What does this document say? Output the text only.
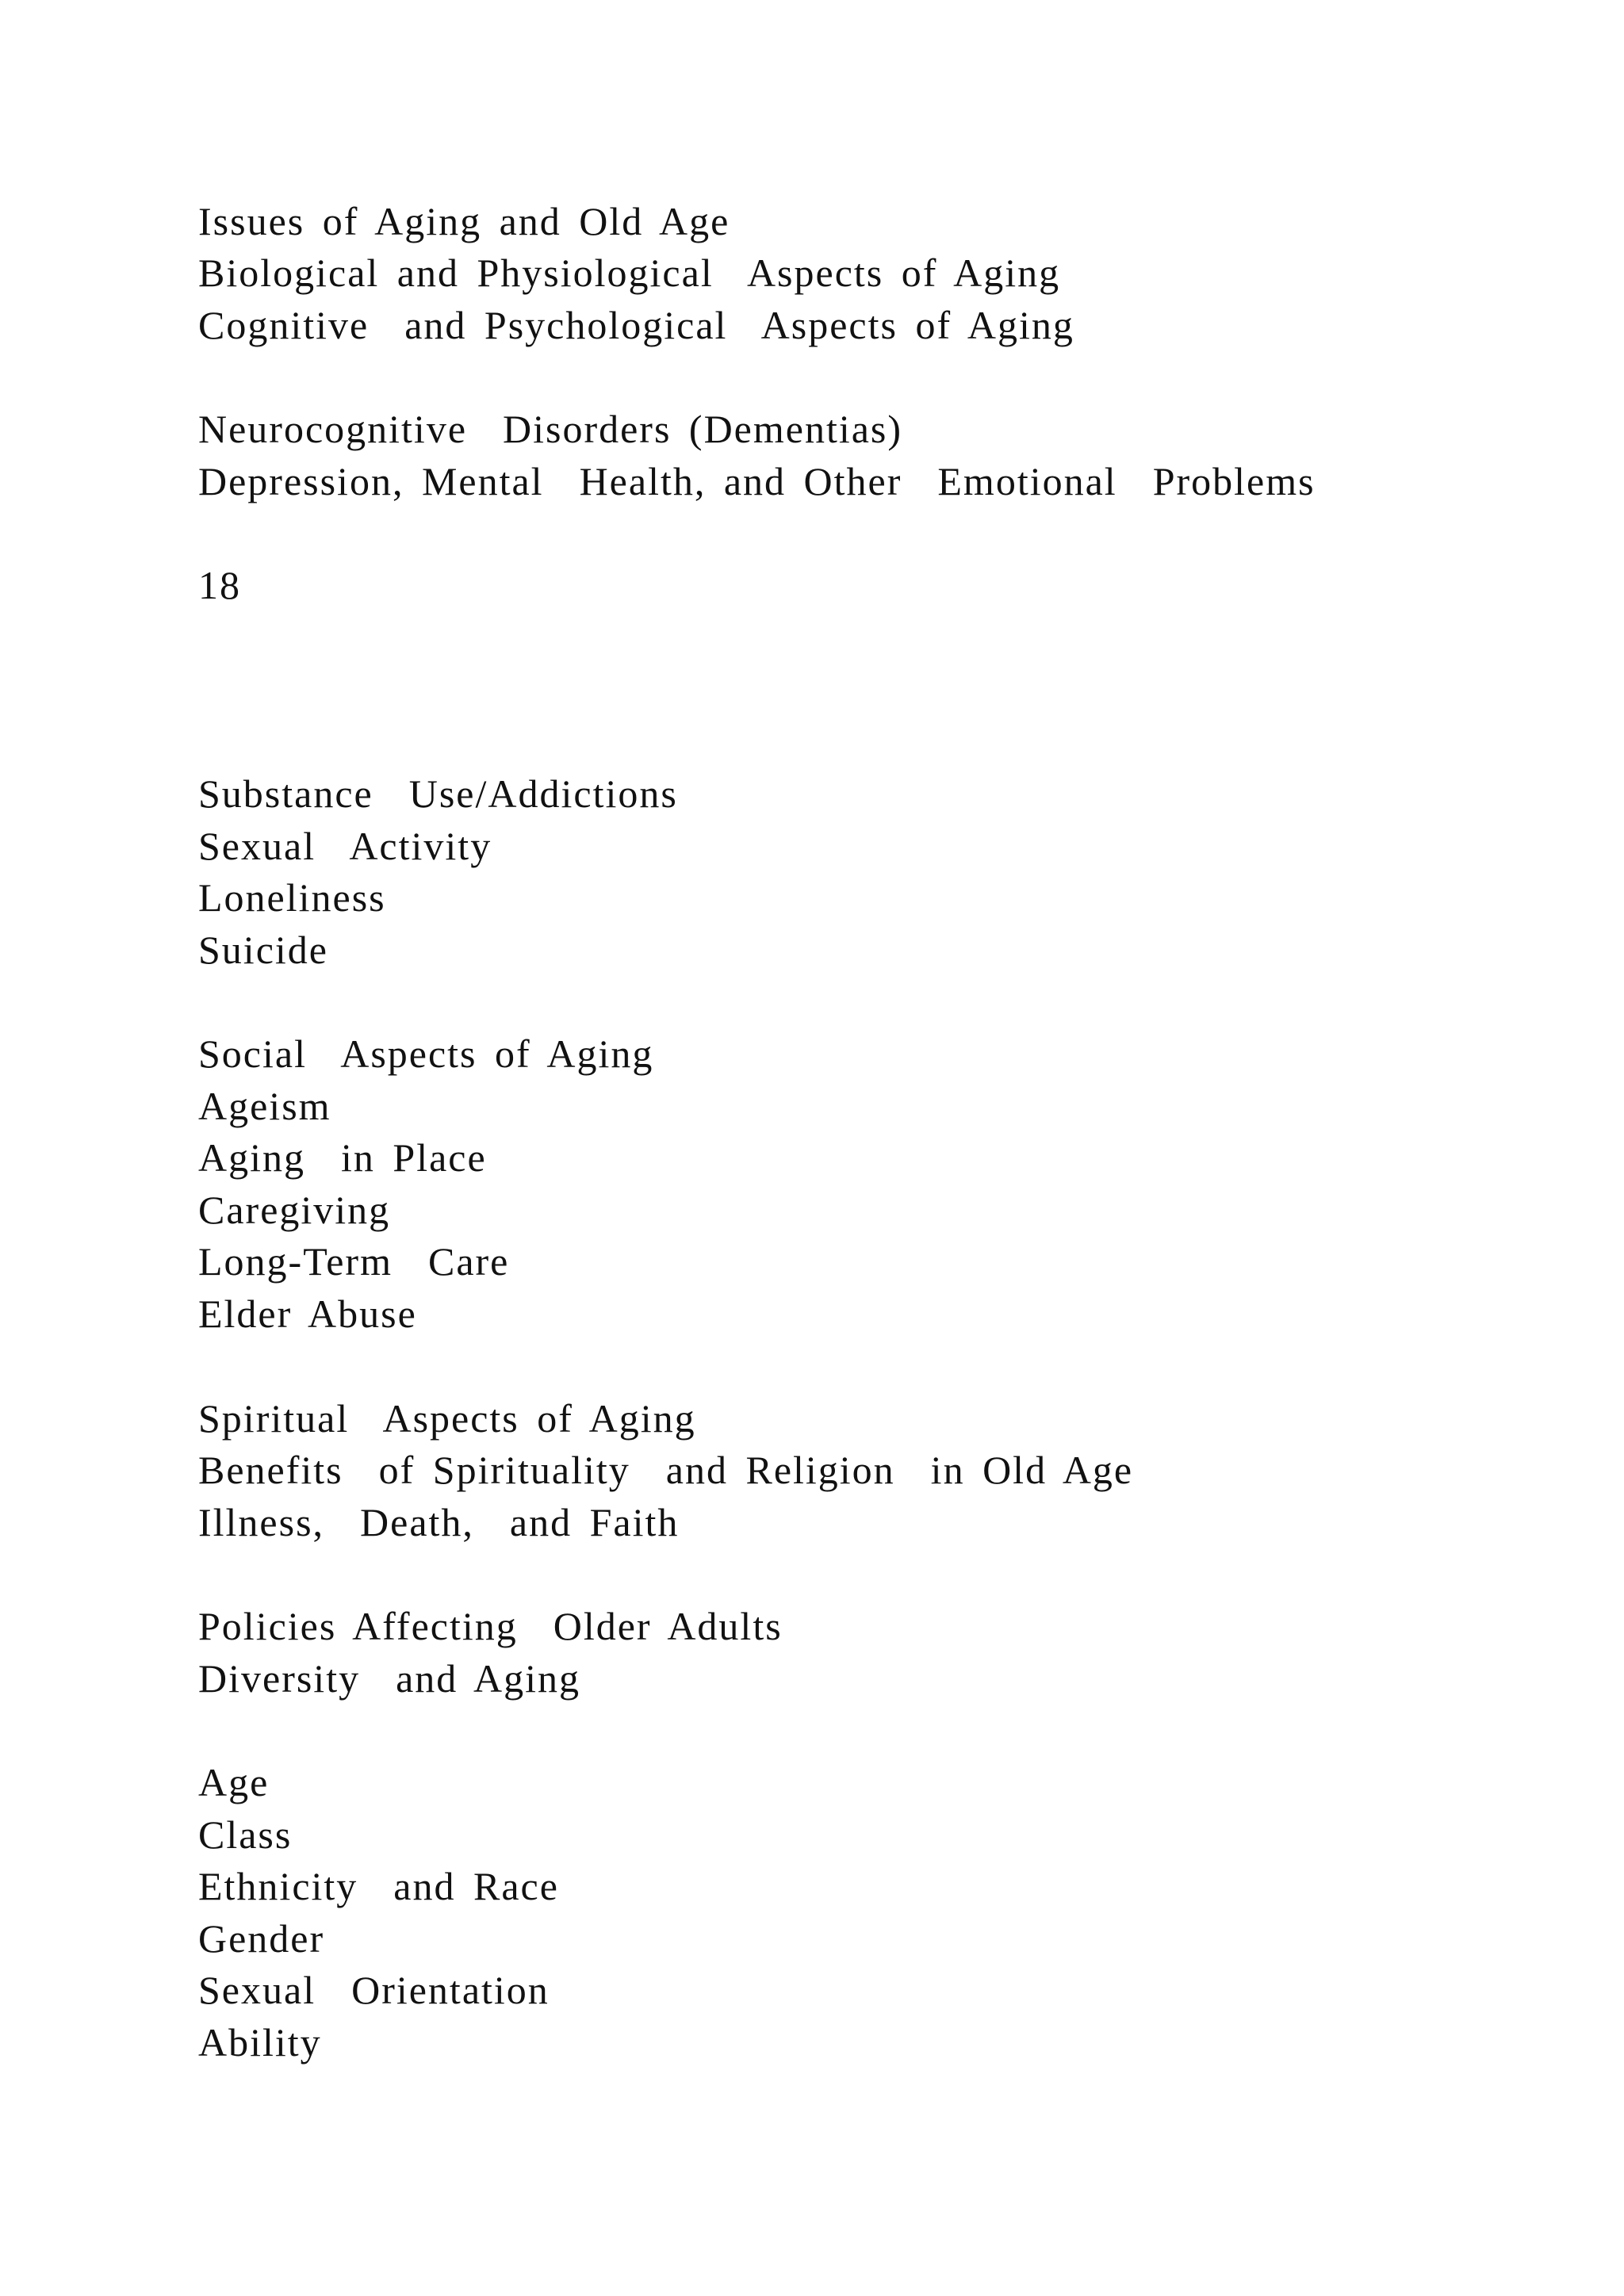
Issues of Aging and Old Age
Biological and Physiological  Aspects of Aging
Cognitive  and Psychological  Aspects of Aging
Neurocognitive  Disorders (Dementias)
Depression, Mental  Health, and Other  Emotional  Problems
18
Substance  Use/Addictions
Sexual  Activity
Loneliness
Suicide
Social  Aspects of Aging
Ageism
Aging  in Place
Caregiving
Long-Term  Care
Elder Abuse
Spiritual  Aspects of Aging
Benefits  of Spirituality  and Religion  in Old Age
Illness,  Death,  and Faith
Policies Affecting  Older Adults
Diversity  and Aging
Age
Class
Ethnicity  and Race
Gender
Sexual  Orientation
Ability
